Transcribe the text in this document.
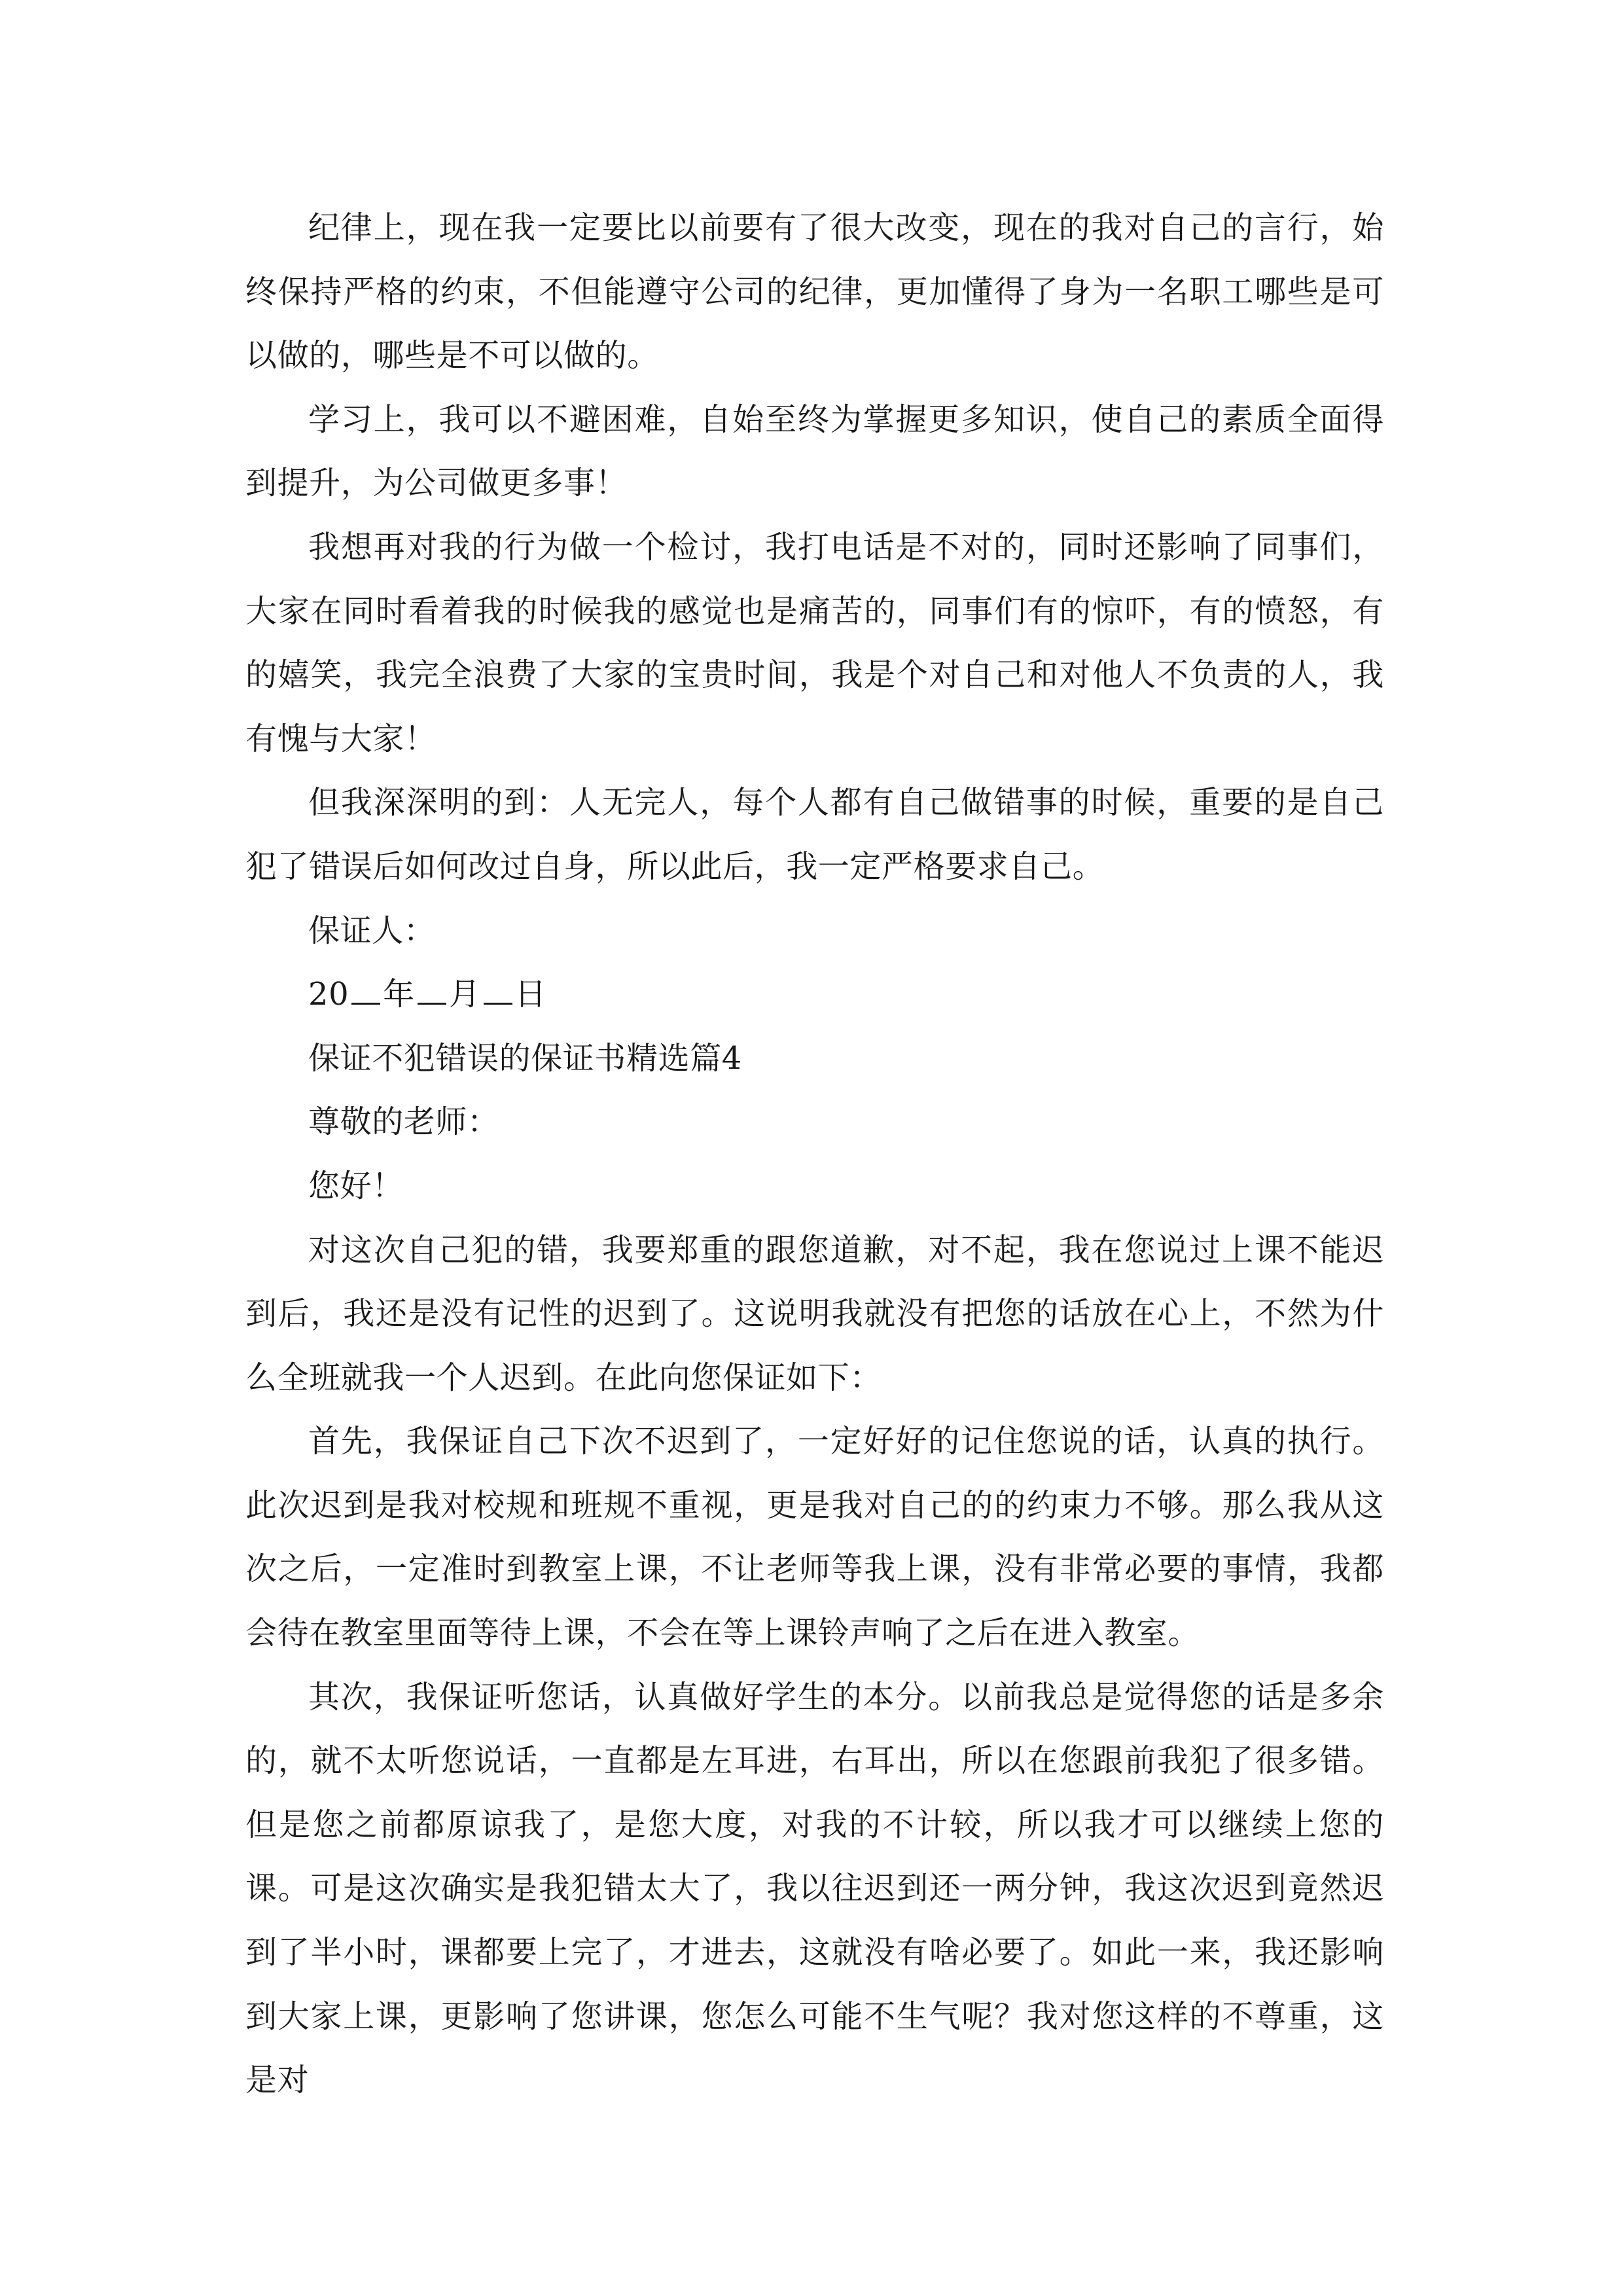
纪律上，现在我一定要比以前要有了很大改变，现在的我对自己的言行，始终保持严格的约束，不但能遵守公司的纪律，更加懂得了身为一名职工哪些是可以做的，哪些是不可以做的。

学习上，我可以不避困难，自始至终为掌握更多知识，使自己的素质全面得到提升，为公司做更多事！

我想再对我的行为做一个检讨，我打电话是不对的，同时还影响了同事们，大家在同时看着我的时候我的感觉也是痛苦的，同事们有的惊吓，有的愤怒，有的嬉笑，我完全浪费了大家的宝贵时间，我是个对自己和对他人不负责的人，我有愧与大家！

但我深深明的到：人无完人，每个人都有自己做错事的时候，重要的是自己犯了错误后如何改过自身，所以此后，我一定严格要求自己。

保证人：

20 年 月 日

保证不犯错误的保证书精选篇4

尊敬的老师：

您好！

对这次自己犯的错，我要郑重的跟您道歉，对不起，我在您说过上课不能迟到后，我还是没有记性的迟到了。这说明我就没有把您的话放在心上，不然为什么全班就我一个人迟到。在此向您保证如下：

首先，我保证自己下次不迟到了，一定好好的记住您说的话，认真的执行。此次迟到是我对校规和班规不重视，更是我对自己的的约束力不够。那么我从这次之后，一定准时到教室上课，不让老师等我上课，没有非常必要的事情，我都会待在教室里面等待上课，不会在等上课铃声响了之后在进入教室。

其次，我保证听您话，认真做好学生的本分。以前我总是觉得您的话是多余的，就不太听您说话，一直都是左耳进，右耳出，所以在您跟前我犯了很多错。但是您之前都原谅我了，是您大度，对我的不计较，所以我才可以继续上您的课。可是这次确实是我犯错太大了，我以往迟到还一两分钟，我这次迟到竟然迟到了半小时，课都要上完了，才进去，这就没有啥必要了。如此一来，我还影响到大家上课，更影响了您讲课，您怎么可能不生气呢？我对您这样的不尊重，这是对
